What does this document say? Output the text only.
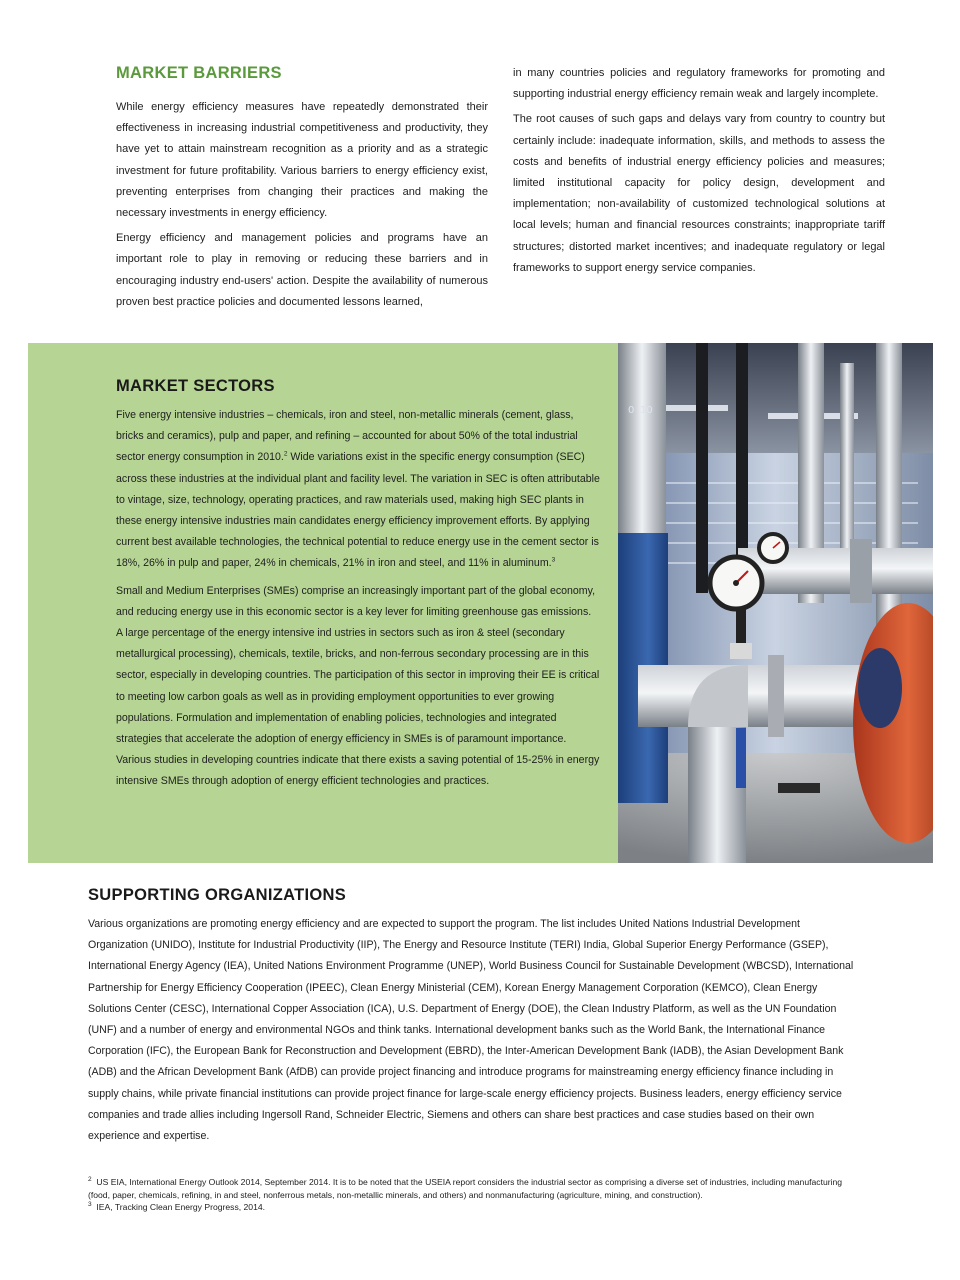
MARKET BARRIERS

While energy efficiency measures have repeatedly demonstrated their effectiveness in increasing industrial competitiveness and productivity, they have yet to attain mainstream recognition as a priority and as a strategic investment for future profitability. Various barriers to energy efficiency exist, preventing enterprises from changing their practices and making the necessary investments in energy efficiency.

Energy efficiency and management policies and programs have an important role to play in removing or reducing these barriers and in encouraging industry end-users' action. Despite the availability of numerous proven best practice policies and documented lessons learned,

in many countries policies and regulatory frameworks for promoting and supporting industrial energy efficiency remain weak and largely incomplete.

The root causes of such gaps and delays vary from country to country but certainly include: inadequate information, skills, and methods to assess the costs and benefits of industrial energy efficiency policies and measures; limited institutional capacity for policy design, development and implementation; non-availability of customized technological solutions at local levels; human and financial resources constraints; inappropriate tariff structures; distorted market incentives; and inadequate regulatory or legal frameworks to support energy service companies.

MARKET SECTORS

Five energy intensive industries – chemicals, iron and steel, non-metallic minerals (cement, glass, bricks and ceramics), pulp and paper, and refining – accounted for about 50% of the total industrial sector energy consumption in 2010.$^2$ Wide variations exist in the specific energy consumption (SEC) across these industries at the individual plant and facility level. The variation in SEC is often attributable to vintage, size, technology, operating practices, and raw materials used, making high SEC plants in these energy intensive industries main candidates energy efficiency improvement efforts. By applying current best available technologies, the technical potential to reduce energy use in the cement sector is 18%, 26% in pulp and paper, 24% in chemicals, 21% in iron and steel, and 11% in aluminum.$^3$

Small and Medium Enterprises (SMEs) comprise an increasingly important part of the global economy, and reducing energy use in this economic sector is a key lever for limiting greenhouse gas emissions. A large percentage of the energy intensive ind ustries in sectors such as iron & steel (secondary metallurgical processing), chemicals, textile, bricks, and non-ferrous secondary processing are in this sector, especially in developing countries. The participation of this sector in improving their EE is critical to meeting low carbon goals as well as in providing employment opportunities to ever growing populations. Formulation and implementation of enabling policies, technologies and integrated strategies that accelerate the adoption of energy efficiency in SMEs is of paramount importance. Various studies in developing countries indicate that there exists a saving potential of 15-25% in energy intensive SMEs through adoption of energy efficient technologies and practices.

0 10
SUPPORTING ORGANIZATIONS

Various organizations are promoting energy efficiency and are expected to support the program. The list includes United Nations Industrial Development Organization (UNIDO), Institute for Industrial Productivity (IIP), The Energy and Resource Institute (TERI) India, Global Superior Energy Performance (GSEP), International Energy Agency (IEA), United Nations Environment Programme (UNEP), World Business Council for Sustainable Development (WBCSD), International Partnership for Energy Efficiency Cooperation (IPEEC), Clean Energy Ministerial (CEM), Korean Energy Management Corporation (KEMCO), Clean Energy Solutions Center (CESC), International Copper Association (ICA), U.S. Department of Energy (DOE), the Clean Industry Platform, as well as the UN Foundation (UNF) and a number of energy and environmental NGOs and think tanks. International development banks such as the World Bank, the International Finance Corporation (IFC), the European Bank for Reconstruction and Development (EBRD), the Inter-American Development Bank (IADB), the Asian Development Bank (ADB) and the African Development Bank (AfDB) can provide project financing and introduce programs for mainstreaming energy efficiency finance including in supply chains, while private financial institutions can provide project finance for large-scale energy efficiency projects. Business leaders, energy efficiency service companies and trade allies including Ingersoll Rand, Schneider Electric, Siemens and others can share best practices and case studies based on their own experience and expertise.

$^2$ US EIA, International Energy Outlook 2014, September 2014. It is to be noted that the USEIA report considers the industrial sector as comprising a diverse set of industries, including manufacturing (food, paper, chemicals, refining, in and steel, nonferrous metals, non-metallic minerals, and others) and nonmanufacturing (agriculture, mining, and construction).

$^3$ IEA, Tracking Clean Energy Progress, 2014.
